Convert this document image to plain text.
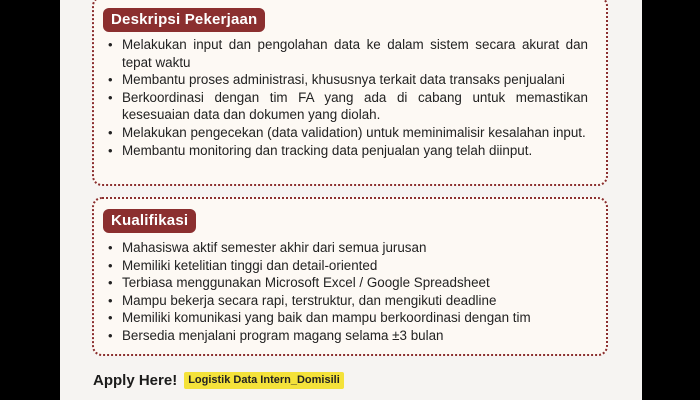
Deskripsi Pekerjaan
• Melakukan input dan pengolahan data ke dalam sistem secara akurat dan tepat waktu
• Membantu proses administrasi, khususnya terkait data transaks penjualani
• Berkoordinasi dengan tim FA yang ada di cabang untuk memastikan kesesuaian data dan dokumen yang diolah.
• Melakukan pengecekan (data validation) untuk meminimalisir kesalahan input.
• Membantu monitoring dan tracking data penjualan yang telah diinput.
Kualifikasi
• Mahasiswa aktif semester akhir dari semua jurusan
• Memiliki ketelitian tinggi dan detail-oriented
• Terbiasa menggunakan Microsoft Excel / Google Spreadsheet
• Mampu bekerja secara rapi, terstruktur, dan mengikuti deadline
• Memiliki komunikasi yang baik dan mampu berkoordinasi dengan tim
• Bersedia menjalani program magang selama ±3 bulan
Apply Here!	Logistik Data Intern_Domisili
